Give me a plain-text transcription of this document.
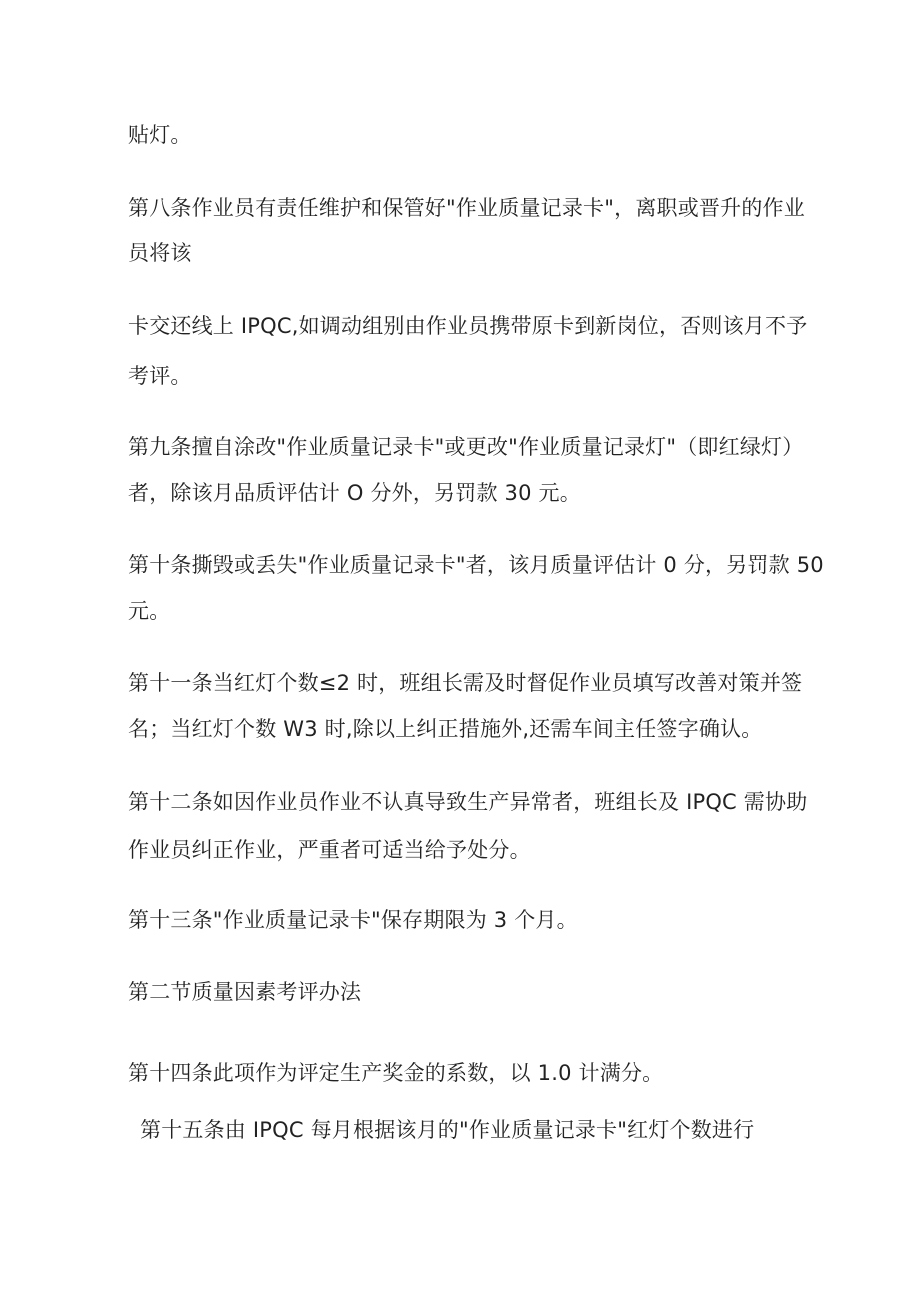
贴灯。
第八条作业员有责任维护和保管好"作业质量记录卡"，离职或晋升的作业
员将该
卡交还线上 IPQC,如调动组别由作业员携带原卡到新岗位，否则该月不予
考评。
第九条擅自涂改"作业质量记录卡"或更改"作业质量记录灯"（即红绿灯）
者，除该月品质评估计 O 分外，另罚款 30 元。
第十条撕毁或丢失"作业质量记录卡"者，该月质量评估计 0 分，另罚款 50
元。
第十一条当红灯个数≤2 时，班组长需及时督促作业员填写改善对策并签
名；当红灯个数 W3 时,除以上纠正措施外,还需车间主任签字确认。
第十二条如因作业员作业不认真导致生产异常者，班组长及 IPQC 需协助
作业员纠正作业，严重者可适当给予处分。
第十三条"作业质量记录卡"保存期限为 3 个月。
第二节质量因素考评办法
第十四条此项作为评定生产奖金的系数，以 1.0 计满分。
第十五条由 IPQC 每月根据该月的"作业质量记录卡"红灯个数进行
